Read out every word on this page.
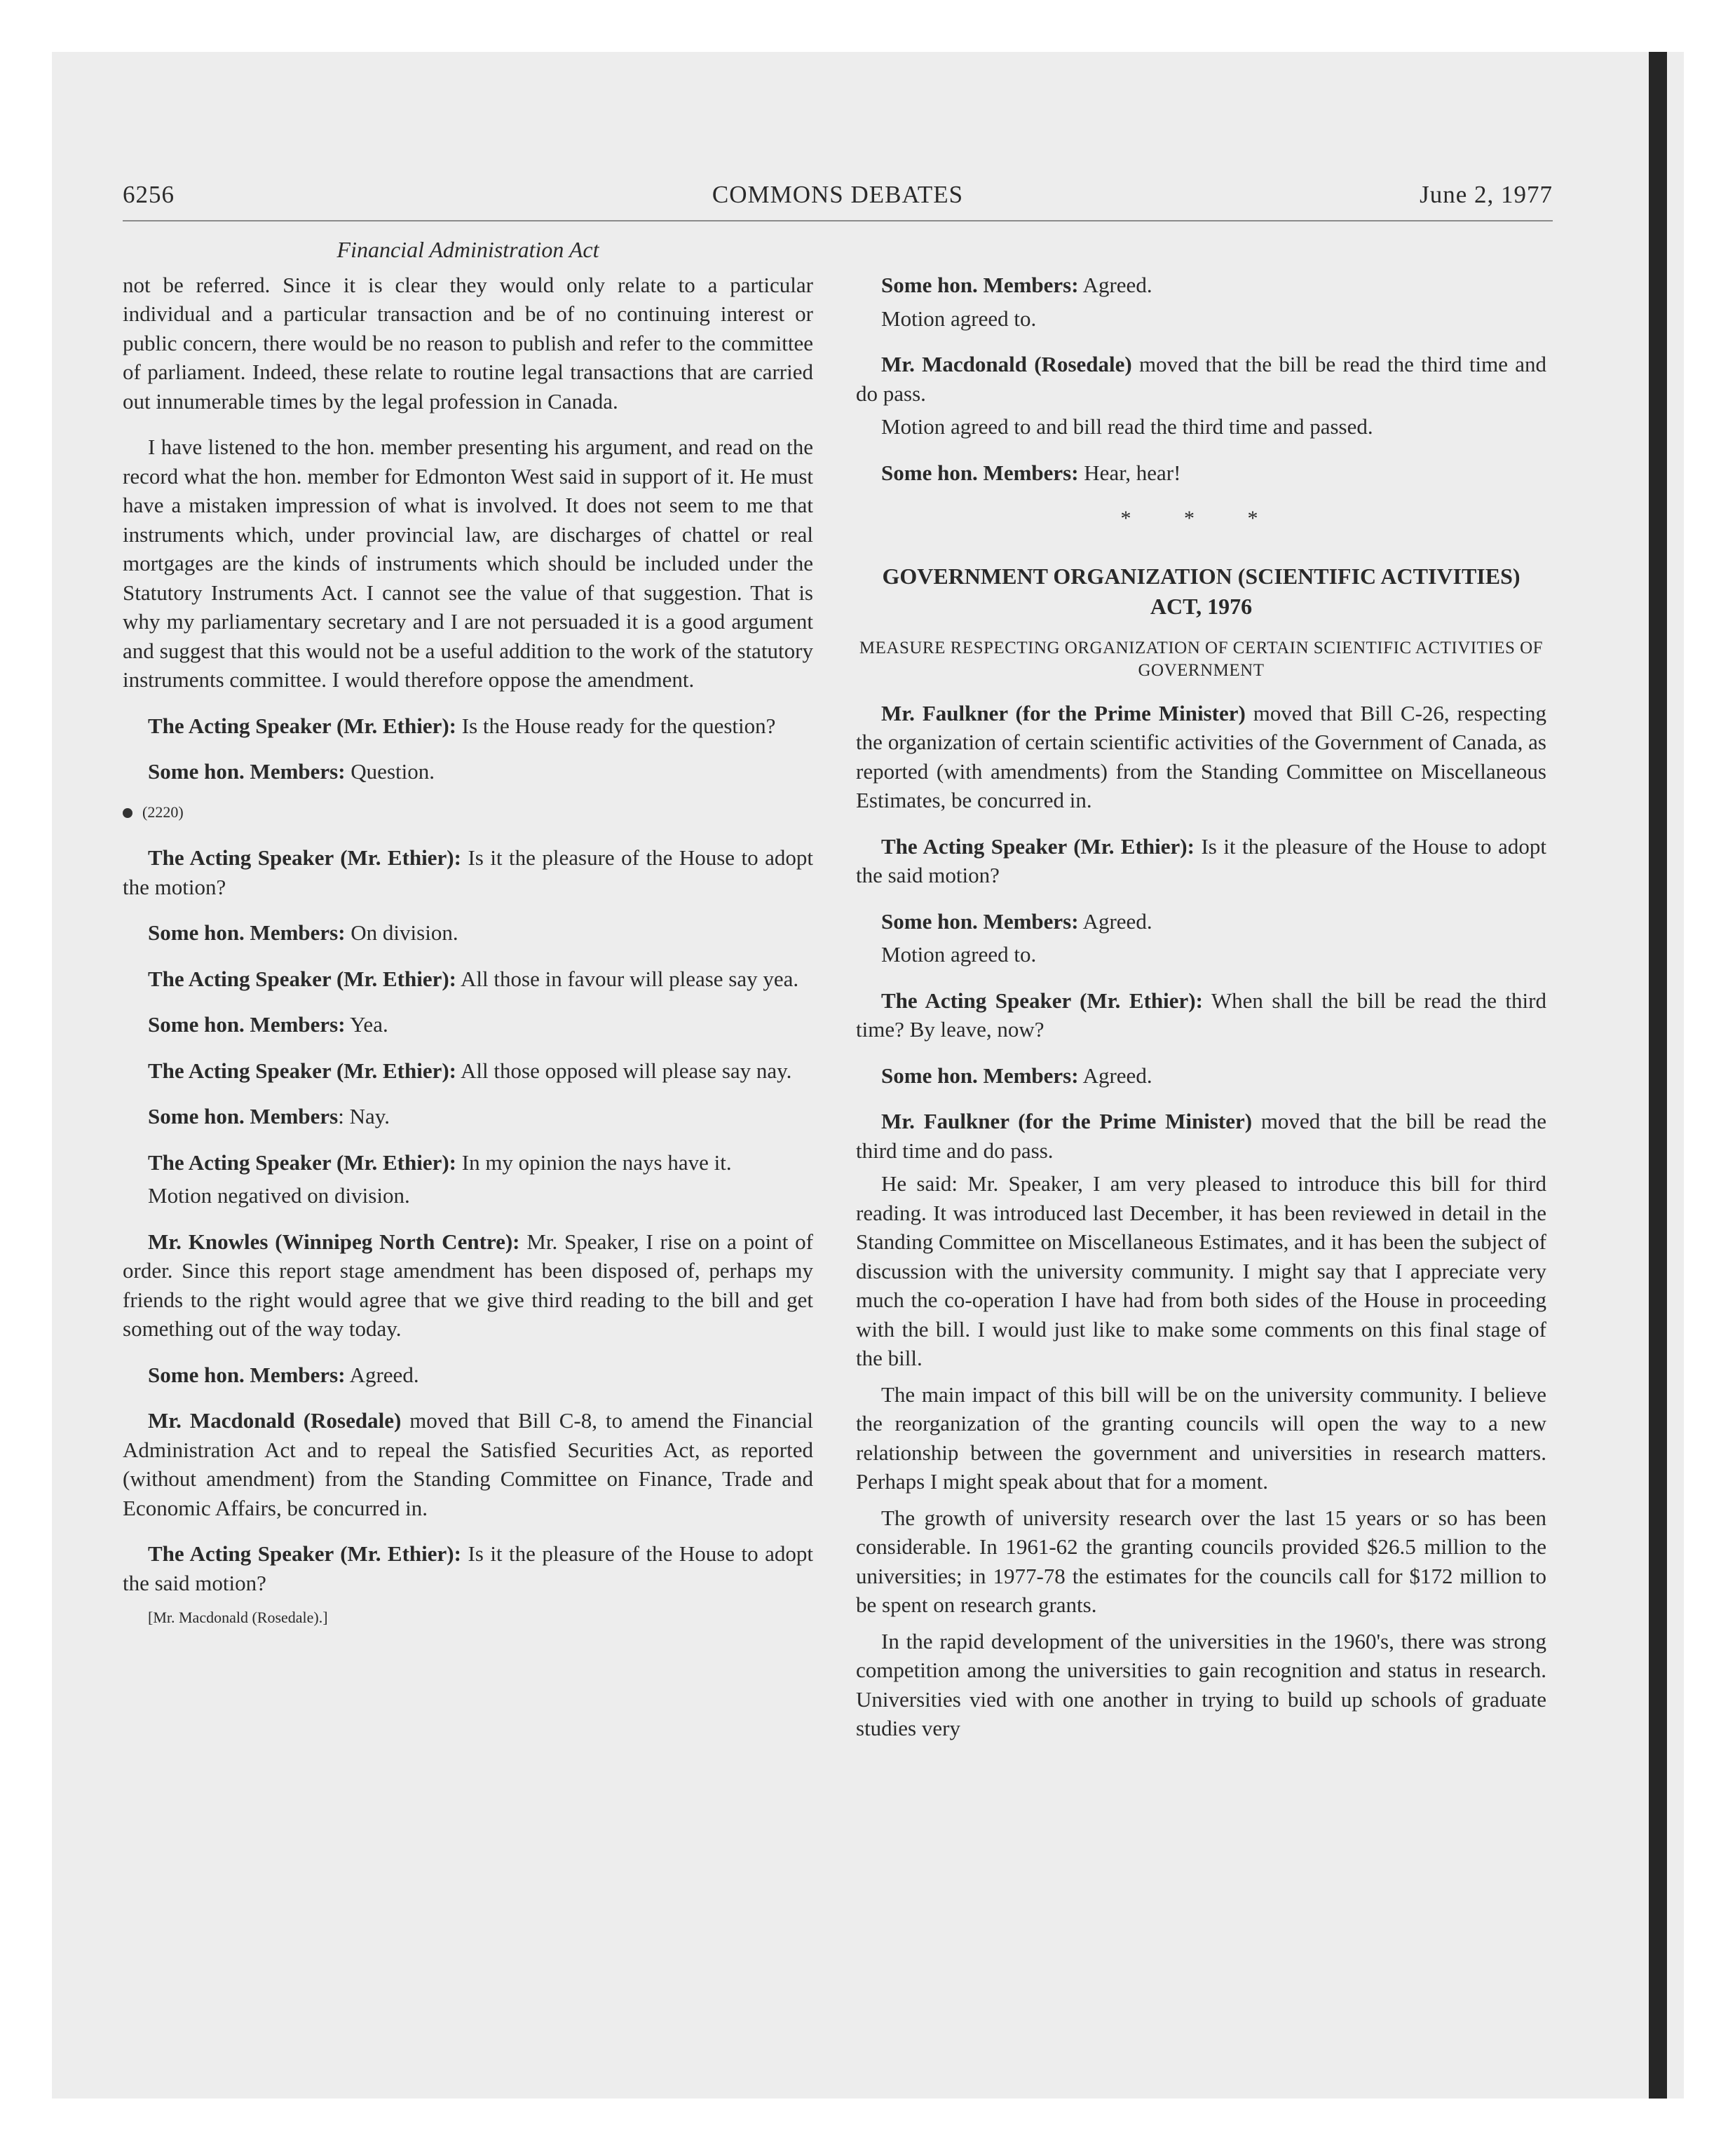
6256	COMMONS DEBATES	June 2, 1977
Financial Administration Act

not be referred. Since it is clear they would only relate to a particular individual and a particular transaction and be of no continuing interest or public concern, there would be no reason to publish and refer to the committee of parliament. Indeed, these relate to routine legal transactions that are carried out innumerable times by the legal profession in Canada.

I have listened to the hon. member presenting his argument, and read on the record what the hon. member for Edmonton West said in support of it. He must have a mistaken impression of what is involved. It does not seem to me that instruments which, under provincial law, are discharges of chattel or real mortgages are the kinds of instruments which should be included under the Statutory Instruments Act. I cannot see the value of that suggestion. That is why my parliamentary secretary and I are not persuaded it is a good argument and suggest that this would not be a useful addition to the work of the statutory instruments committee. I would therefore oppose the amendment.

The Acting Speaker (Mr. Ethier): Is the House ready for the question?

Some hon. Members: Question.

(2220)

The Acting Speaker (Mr. Ethier): Is it the pleasure of the House to adopt the motion?

Some hon. Members: On division.

The Acting Speaker (Mr. Ethier): All those in favour will please say yea.

Some hon. Members: Yea.

The Acting Speaker (Mr. Ethier): All those opposed will please say nay.

Some hon. Members: Nay.

The Acting Speaker (Mr. Ethier): In my opinion the nays have it.

Motion negatived on division.

Mr. Knowles (Winnipeg North Centre): Mr. Speaker, I rise on a point of order. Since this report stage amendment has been disposed of, perhaps my friends to the right would agree that we give third reading to the bill and get something out of the way today.

Some hon. Members: Agreed.

Mr. Macdonald (Rosedale) moved that Bill C-8, to amend the Financial Administration Act and to repeal the Satisfied Securities Act, as reported (without amendment) from the Standing Committee on Finance, Trade and Economic Affairs, be concurred in.

The Acting Speaker (Mr. Ethier): Is it the pleasure of the House to adopt the said motion?

[Mr. Macdonald (Rosedale).]

Some hon. Members: Agreed.

Motion agreed to.

Mr. Macdonald (Rosedale) moved that the bill be read the third time and do pass.

Motion agreed to and bill read the third time and passed.

Some hon. Members: Hear, hear!

* * *
GOVERNMENT ORGANIZATION (SCIENTIFIC ACTIVITIES) ACT, 1976
MEASURE RESPECTING ORGANIZATION OF CERTAIN SCIENTIFIC ACTIVITIES OF GOVERNMENT

Mr. Faulkner (for the Prime Minister) moved that Bill C-26, respecting the organization of certain scientific activities of the Government of Canada, as reported (with amendments) from the Standing Committee on Miscellaneous Estimates, be concurred in.

The Acting Speaker (Mr. Ethier): Is it the pleasure of the House to adopt the said motion?

Some hon. Members: Agreed.

Motion agreed to.

The Acting Speaker (Mr. Ethier): When shall the bill be read the third time? By leave, now?

Some hon. Members: Agreed.

Mr. Faulkner (for the Prime Minister) moved that the bill be read the third time and do pass.

He said: Mr. Speaker, I am very pleased to introduce this bill for third reading. It was introduced last December, it has been reviewed in detail in the Standing Committee on Miscellaneous Estimates, and it has been the subject of discussion with the university community. I might say that I appreciate very much the co-operation I have had from both sides of the House in proceeding with the bill. I would just like to make some comments on this final stage of the bill.

The main impact of this bill will be on the university community. I believe the reorganization of the granting councils will open the way to a new relationship between the government and universities in research matters. Perhaps I might speak about that for a moment.

The growth of university research over the last 15 years or so has been considerable. In 1961-62 the granting councils provided $26.5 million to the universities; in 1977-78 the estimates for the councils call for $172 million to be spent on research grants.

In the rapid development of the universities in the 1960's, there was strong competition among the universities to gain recognition and status in research. Universities vied with one another in trying to build up schools of graduate studies very
